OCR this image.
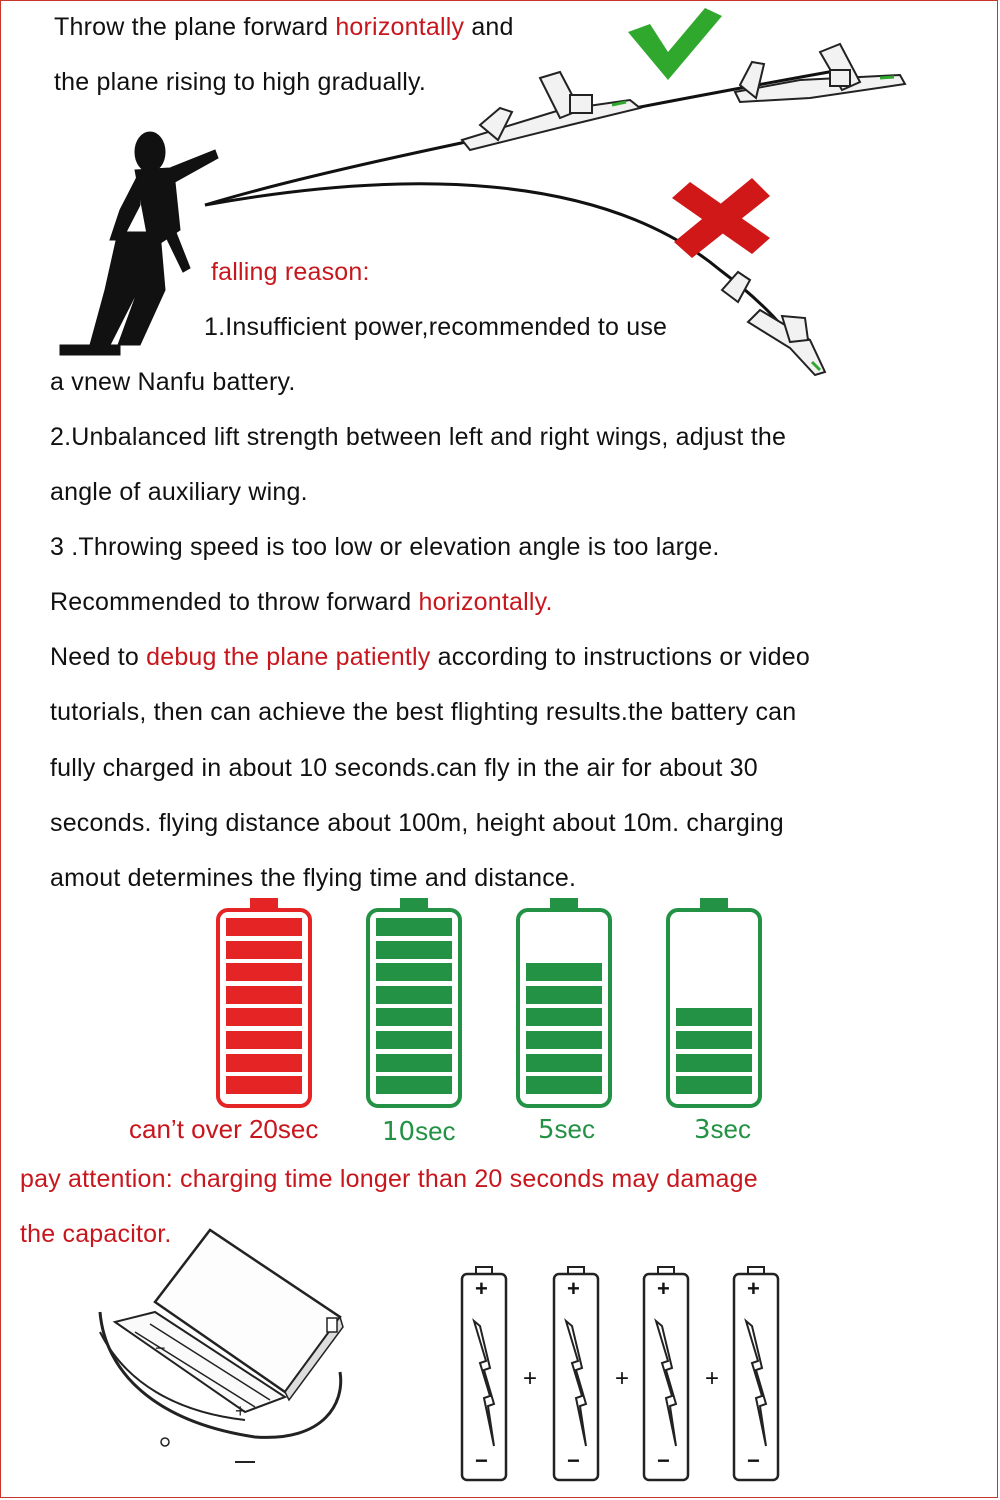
Throw the plane forward horizontally and
the plane rising to high gradually.
falling reason:
1.Insufficient power,recommended to use
a vnew Nanfu battery.
2.Unbalanced lift strength between left and right wings, adjust the
angle of auxiliary wing.
3 .Throwing speed is too low or elevation angle is too large.
Recommended to throw forward horizontally.
Need to debug the plane patiently according to instructions or video
tutorials, then can achieve the best flighting results.the battery can
fully charged in about 10 seconds.can fly in the air for about 30
seconds. flying distance about 100m, height about 10m. charging
amout determines the flying time and distance.
can’t over 20sec 10sec	5sec	3sec
pay attention: charging time longer than 20 seconds may damage
the capacitor.
+
−
+
−
+
+
−
+
+
−
+
+
−
